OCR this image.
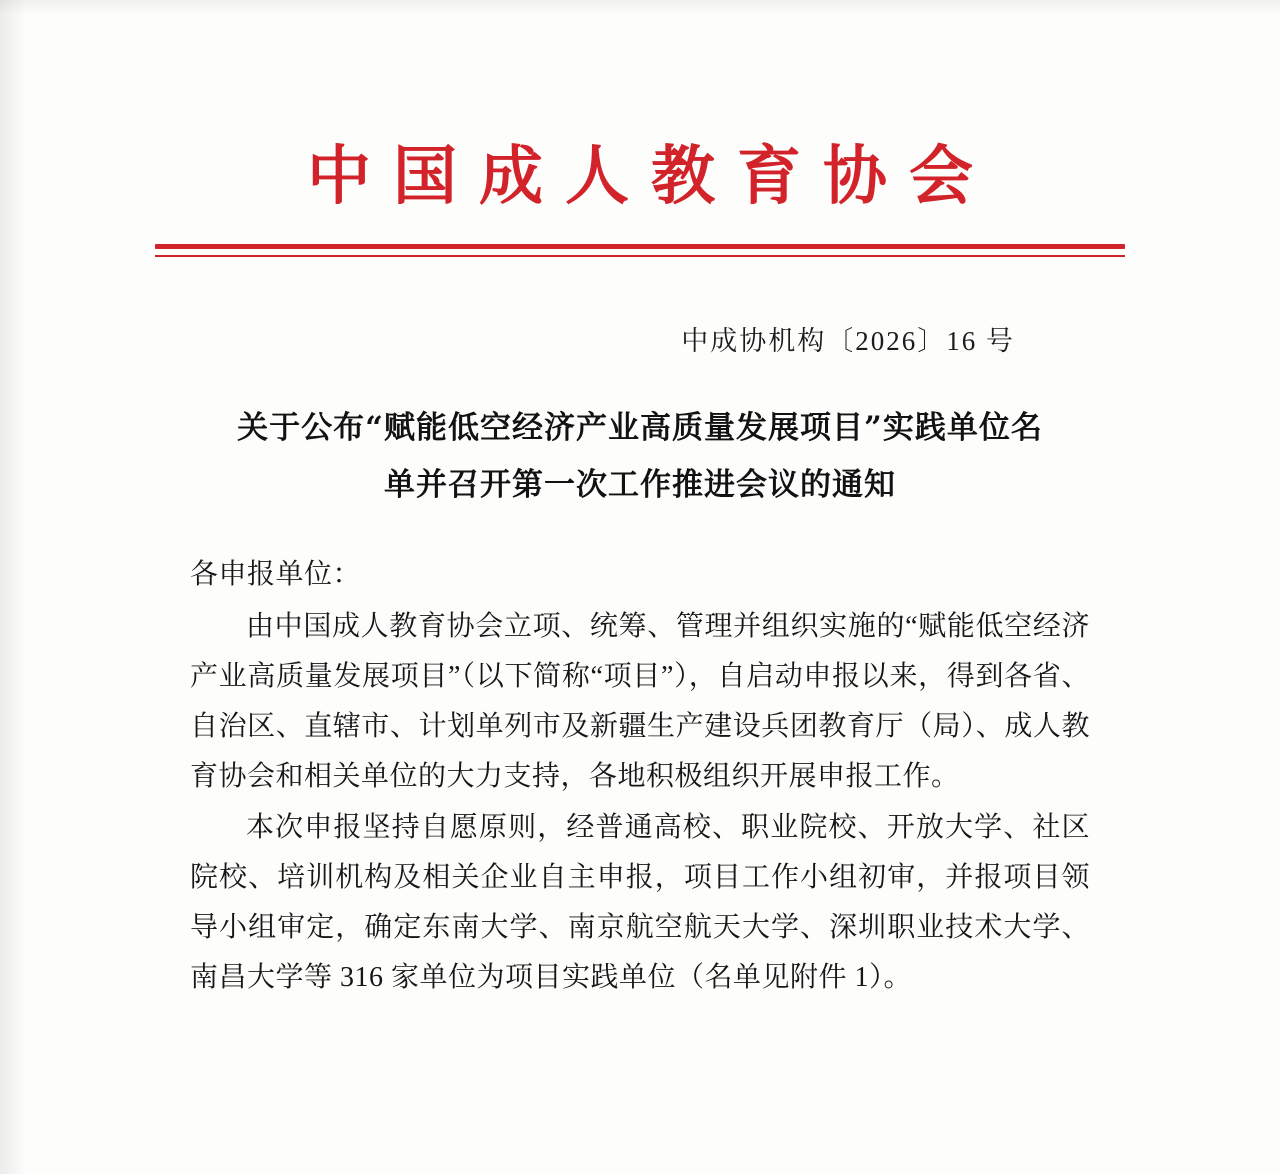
中国成人教育协会
中成协机构〔2026〕16 号
关于公布“赋能低空经济产业高质量发展项目”实践单位名
单并召开第一次工作推进会议的通知

各申报单位：

由中国成人教育协会立项、统筹、管理并组织实施的“赋能低空经济产业高质量发展项目”（以下简称“项目”），自启动申报以来，得到各省、自治区、直辖市、计划单列市及新疆生产建设兵团教育厅（局）、成人教育协会和相关单位的大力支持，各地积极组织开展申报工作。

本次申报坚持自愿原则，经普通高校、职业院校、开放大学、社区院校、培训机构及相关企业自主申报，项目工作小组初审，并报项目领导小组审定，确定东南大学、南京航空航天大学、深圳职业技术大学、南昌大学等 316 家单位为项目实践单位（名单见附件 1）。
